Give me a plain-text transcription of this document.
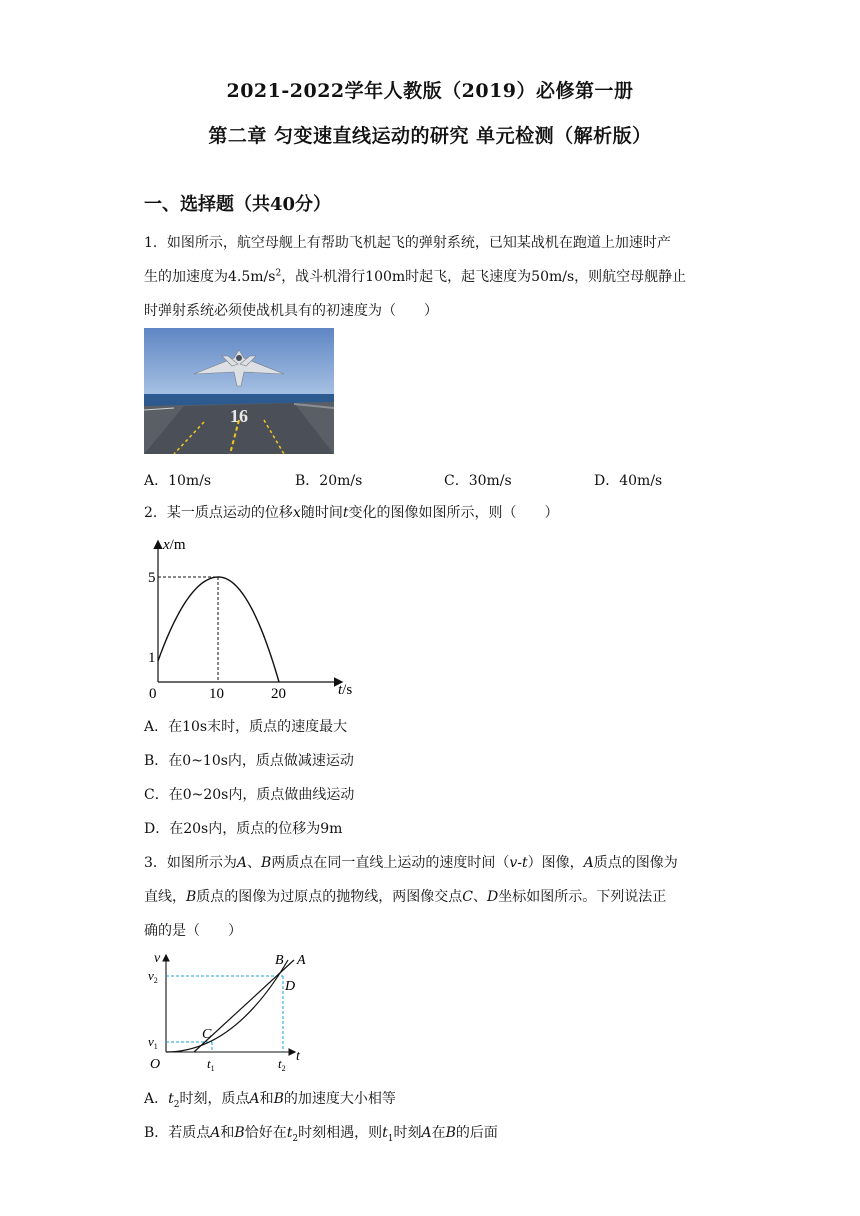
2021-2022学年人教版（2019）必修第一册
第二章 匀变速直线运动的研究 单元检测（解析版）
一、选择题（共40分）
1．如图所示，航空母舰上有帮助飞机起飞的弹射系统，已知某战机在跑道上加速时产
生的加速度为$4.5m/s^2$，战斗机滑行100m时起飞，起飞速度为50m/s，则航空母舰静止
时弹射系统必须使战机具有的初速度为（　　）
16
A．10m/s	B．20m/s	C．30m/s	D．40m/s
2．某一质点运动的位移x随时间t变化的图像如图所示，则（　　）
x/m
t/s
5
1
0	10	20
A．在10s末时，质点的速度最大
B．在0~10s内，质点做减速运动
C．在0~20s内，质点做曲线运动
D．在20s内，质点的位移为9m
3．如图所示为A、B两质点在同一直线上运动的速度时间（v-t）图像，A质点的图像为
直线，B质点的图像为过原点的抛物线，两图像交点C、D坐标如图所示。下列说法正
确的是（　　）
v
t
O
$v_2$
$v_1$
$t_1$	$t_2$
B A
D
C
A．$t_2$时刻，质点A和B的加速度大小相等
B．若质点A和B恰好在$t_2$时刻相遇，则$t_1$时刻A在B的后面
